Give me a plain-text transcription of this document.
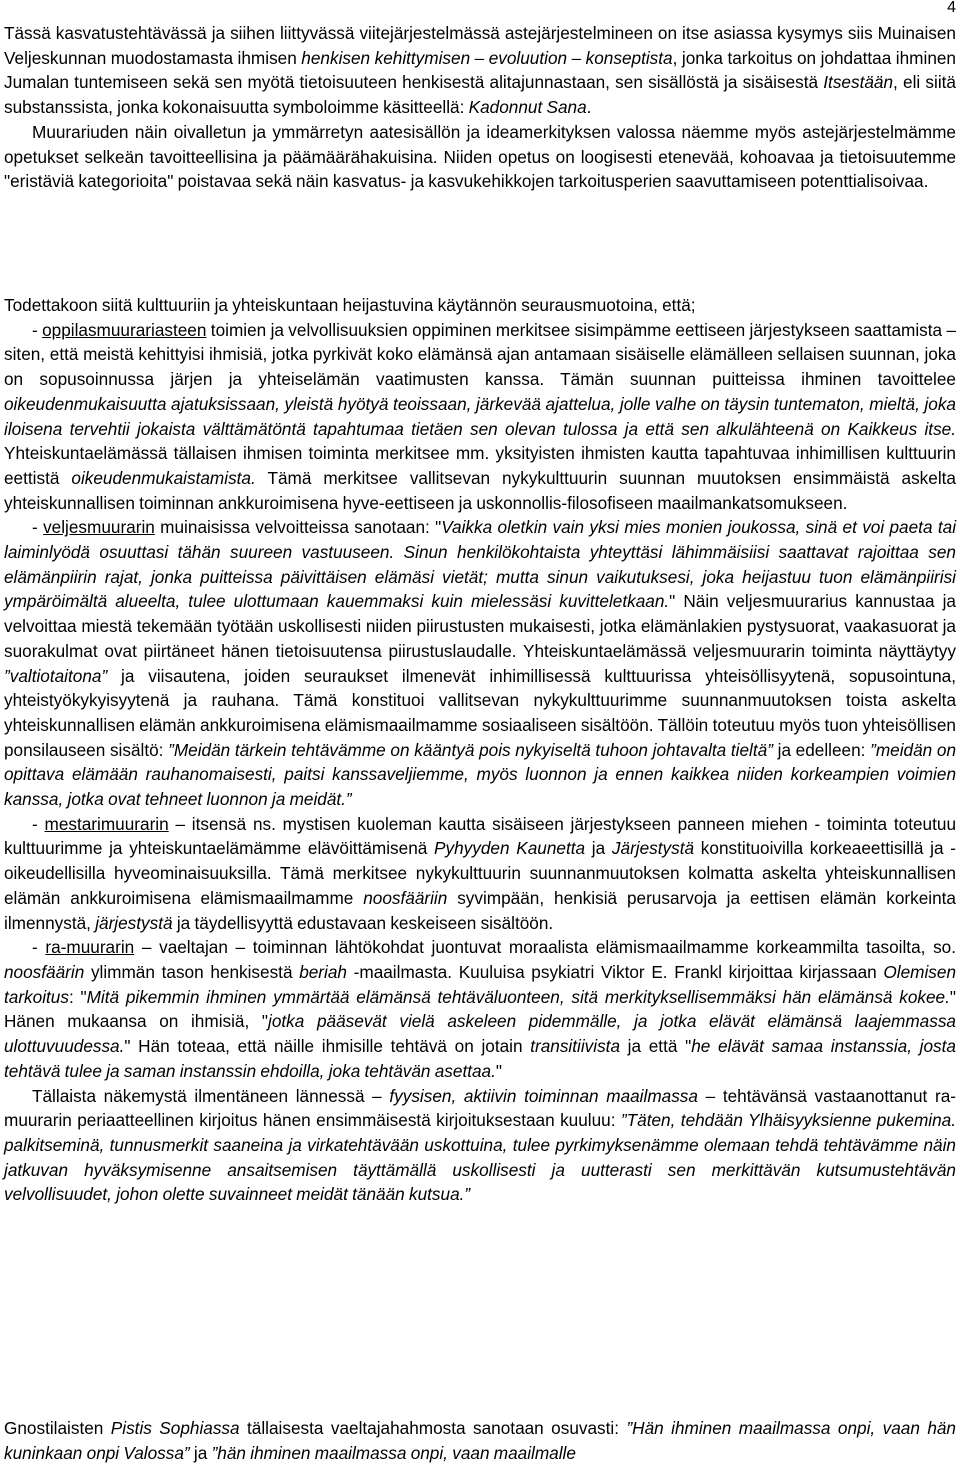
4

Tässä kasvatustehtävässä ja siihen liittyvässä viitejärjestelmässä astejärjestelmineen on itse asiassa kysymys siis Muinaisen Veljeskunnan muodostamasta ihmisen henkisen kehittymisen – evoluution – konseptista, jonka tarkoitus on johdattaa ihminen Jumalan tuntemiseen sekä sen myötä tietoisuuteen henkisestä alitajunnastaan, sen sisällöstä ja sisäisestä Itsestään, eli siitä substanssista, jonka kokonaisuutta symboloimme käsitteellä: Kadonnut Sana.

Muurariuden näin oivalletun ja ymmärretyn aatesisällön ja ideamerkityksen valossa näemme myös astejärjestelmämme opetukset selkeän tavoitteellisina ja päämäärähakuisina. Niiden opetus on loogisesti etenevää, kohoavaa ja tietoisuutemme "eristäviä kategorioita" poistavaa sekä näin kasvatus- ja kasvukehikkojen tarkoitusperien saavuttamiseen potenttialisoivaa.

Todettakoon siitä kulttuuriin ja yhteiskuntaan heijastuvina käytännön seurausmuotoina, että;

- oppilasmuurariasteen toimien ja velvollisuuksien oppiminen merkitsee sisimpämme eettiseen järjestykseen saattamista – siten, että meistä kehittyisi ihmisiä, jotka pyrkivät koko elämänsä ajan antamaan sisäiselle elämälleen sellaisen suunnan, joka on sopusoinnussa järjen ja yhteiselämän vaatimusten kanssa. Tämän suunnan puitteissa ihminen tavoittelee oikeudenmukaisuutta ajatuksissaan, yleistä hyötyä teoissaan, järkevää ajattelua, jolle valhe on täysin tuntematon, mieltä, joka iloisena tervehtii jokaista välttämätöntä tapahtumaa tietäen sen olevan tulossa ja että sen alkulähteenä on Kaikkeus itse. Yhteiskuntaelämässä tällaisen ihmisen toiminta merkitsee mm. yksityisten ihmisten kautta tapahtuvaa inhimillisen kulttuurin eettistä oikeudenmukaistamista. Tämä merkitsee vallitsevan nykykulttuurin suunnan muutoksen ensimmäistä askelta yhteiskunnallisen toiminnan ankkuroimisena hyve-eettiseen ja uskonnollis-filosofiseen maailmankatsomukseen.

- veljesmuurarin muinaisissa velvoitteissa sanotaan: "Vaikka oletkin vain yksi mies monien joukossa, sinä et voi paeta tai laiminlyödä osuuttasi tähän suureen vastuuseen. Sinun henkilökohtaista yhteyttäsi lähimmäisiisi saattavat rajoittaa sen elämänpiirin rajat, jonka puitteissa päivittäisen elämäsi vietät; mutta sinun vaikutuksesi, joka heijastuu tuon elämänpiirisi ympäröimältä alueelta, tulee ulottumaan kauemmaksi kuin mielessäsi kuvitteletkaan." Näin veljesmuurarius kannustaa ja velvoittaa miestä tekemään työtään uskollisesti niiden piirustusten mukaisesti, jotka elämänlakien pystysuorat, vaakasuorat ja suorakulmat ovat piirtäneet hänen tietoisuutensa piirustuslaudalle. Yhteiskuntaelämässä veljesmuurarin toiminta näyttäytyy ”valtiotaitona” ja viisautena, joiden seuraukset ilmenevät inhimillisessä kulttuurissa yhteisöllisyytenä, sopusointuna, yhteistyökykyisyytenä ja rauhana. Tämä konstituoi vallitsevan nykykulttuurimme suunnanmuutoksen toista askelta yhteiskunnallisen elämän ankkuroimisena elämismaailmamme sosiaaliseen sisältöön. Tällöin toteutuu myös tuon yhteisöllisen ponsilauseen sisältö: ”Meidän tärkein tehtävämme on kääntyä pois nykyiseltä tuhoon johtavalta tieltä” ja edelleen: ”meidän on opittava elämään rauhanomaisesti, paitsi kanssaveljiemme, myös luonnon ja ennen kaikkea niiden korkeampien voimien kanssa, jotka ovat tehneet luonnon ja meidät.”

- mestarimuurarin – itsensä ns. mystisen kuoleman kautta sisäiseen järjestykseen panneen miehen - toiminta toteutuu kulttuurimme ja yhteiskuntaelämämme elävöittämisenä Pyhyyden Kaunetta ja Järjestystä konstituoivilla korkeaeettisillä ja -oikeudellisilla hyveominaisuuksilla. Tämä merkitsee nykykulttuurin suunnanmuutoksen kolmatta askelta yhteiskunnallisen elämän ankkuroimisena elämismaailmamme noosfääriin syvimpään, henkisiä perusarvoja ja eettisen elämän korkeinta ilmennystä, järjestystä ja täydellisyyttä edustavaan keskeiseen sisältöön.

- ra-muurarin – vaeltajan – toiminnan lähtökohdat juontuvat moraalista elämismaailmamme korkeammilta tasoilta, so. noosfäärin ylimmän tason henkisestä beriah -maailmasta. Kuuluisa psykiatri Viktor E. Frankl kirjoittaa kirjassaan Olemisen tarkoitus: "Mitä pikemmin ihminen ymmärtää elämänsä tehtäväluonteen, sitä merkityksellisemmäksi hän elämänsä kokee." Hänen mukaansa on ihmisiä, "jotka pääsevät vielä askeleen pidemmälle, ja jotka elävät elämänsä laajemmassa ulottuvuudessa." Hän toteaa, että näille ihmisille tehtävä on jotain transitiivista ja että "he elävät samaa instanssia, josta tehtävä tulee ja saman instanssin ehdoilla, joka tehtävän asettaa."

Tällaista näkemystä ilmentäneen lännessä – fyysisen, aktiivin toiminnan maailmassa – tehtävänsä vastaanottanut ra-muurarin periaatteellinen kirjoitus hänen ensimmäisestä kirjoituksestaan kuuluu: ”Täten, tehdään Ylhäisyyksienne pukemina. palkitseminä, tunnusmerkit saaneina ja virkatehtävään uskottuina, tulee pyrkimyksenämme olemaan tehdä tehtävämme näin jatkuvan hyväksymisenne ansaitsemisen täyttämällä uskollisesti ja uutterasti sen merkittävän kutsumustehtävän velvollisuudet, johon olette suvainneet meidät tänään kutsua.”

Gnostilaisten Pistis Sophiassa tällaisesta vaeltajahahmosta sanotaan osuvasti: ”Hän ihminen maailmassa onpi, vaan hän kuninkaan onpi Valossa” ja ”hän ihminen maailmassa onpi, vaan maailmalle
